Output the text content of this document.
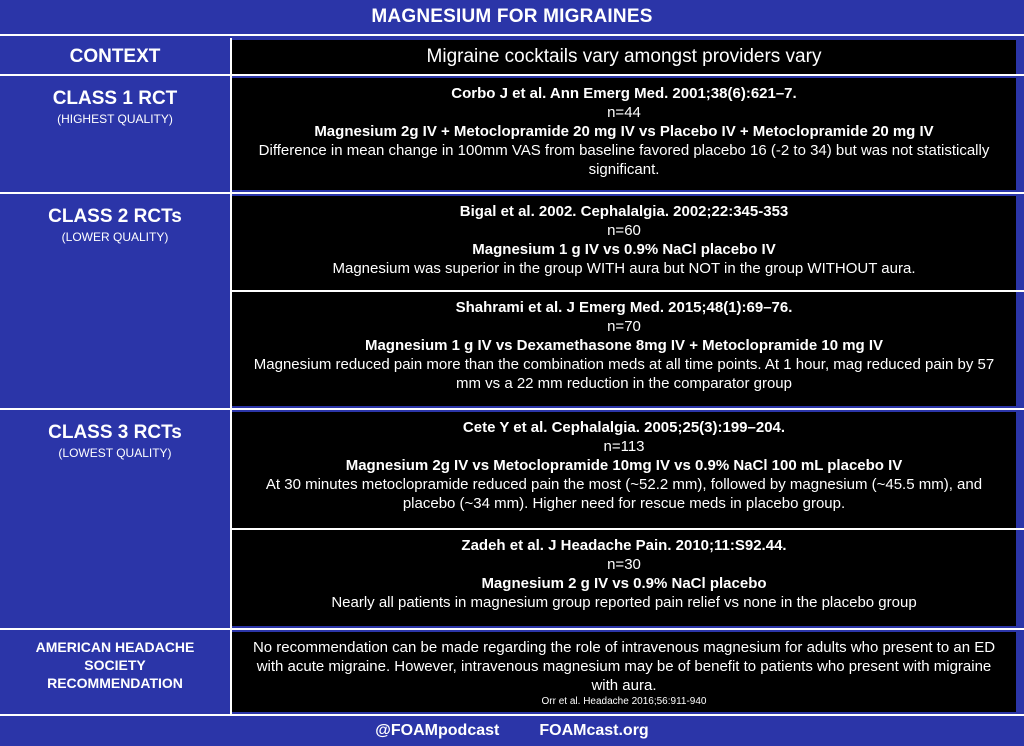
MAGNESIUM FOR MIGRAINES
CONTEXT	Migraine cocktails vary amongst providers vary
CLASS 1 RCT
(HIGHEST QUALITY)
Corbo J et al. Ann Emerg Med. 2001;38(6):621–7.
n=44
Magnesium 2g IV + Metoclopramide 20 mg IV vs Placebo IV + Metoclopramide 20 mg IV
Difference in mean change in 100mm VAS from baseline favored placebo 16 (-2 to 34) but was not statistically significant.
CLASS 2 RCTs
(LOWER QUALITY)
Bigal et al. 2002. Cephalalgia. 2002;22:345-353
n=60
Magnesium 1 g IV vs 0.9% NaCl placebo IV
Magnesium was superior in the group WITH aura but NOT in the group WITHOUT aura.
Shahrami et al. J Emerg Med. 2015;48(1):69–76.
n=70
Magnesium 1 g IV vs Dexamethasone 8mg IV + Metoclopramide 10 mg IV
Magnesium reduced pain more than the combination meds at all time points. At 1 hour, mag reduced pain by 57 mm vs a 22 mm reduction in the comparator group
CLASS 3 RCTs
(LOWEST QUALITY)
Cete Y et al. Cephalalgia. 2005;25(3):199–204.
n=113
Magnesium 2g IV vs Metoclopramide 10mg IV vs 0.9% NaCl 100 mL placebo IV
At 30 minutes metoclopramide reduced pain the most (~52.2 mm), followed by magnesium (~45.5 mm), and placebo (~34 mm). Higher need for rescue meds in placebo group.
Zadeh et al. J Headache Pain. 2010;11:S92.44.
n=30
Magnesium 2 g IV vs 0.9% NaCl placebo
Nearly all patients in magnesium group reported pain relief vs none in the placebo group
AMERICAN HEADACHE
SOCIETY
RECOMMENDATION
No recommendation can be made regarding the role of intravenous magnesium for adults who present to an ED with acute migraine. However, intravenous magnesium may be of benefit to patients who present with migraine with aura.
Orr et al. Headache 2016;56:911-940
@FOAMpodcast	FOAMcast.org
